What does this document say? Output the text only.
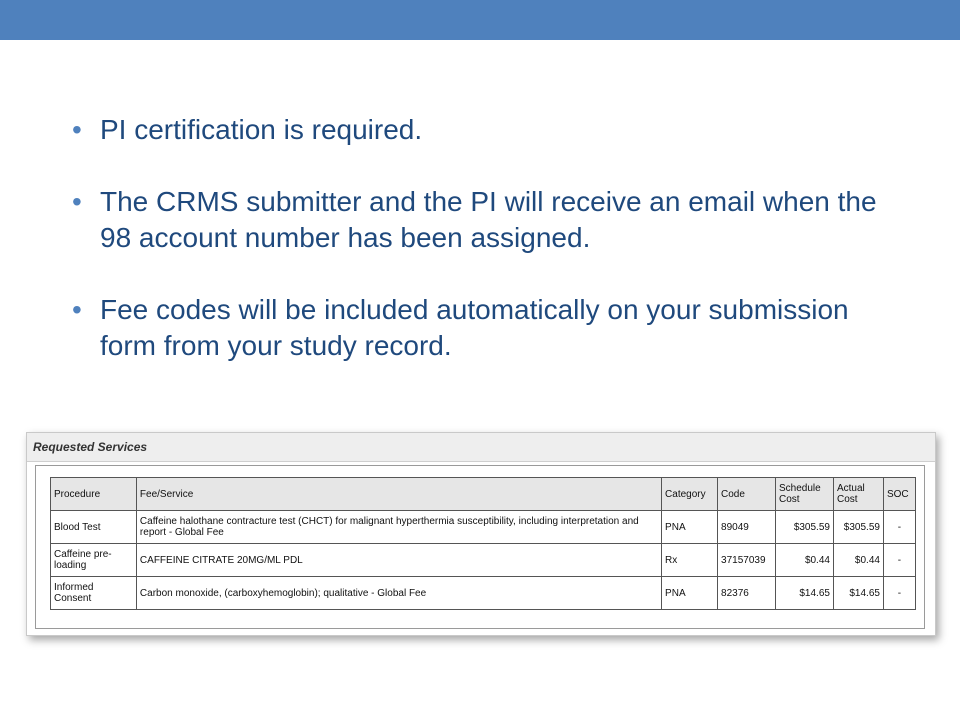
• PI certification is required.
• The CRMS submitter and the PI will receive an email when the 98 account number has been assigned.
• Fee codes will be included automatically on your submission form from your study record.
Requested Services
Procedure	Fee/Service	Category	Code	Schedule Cost	Actual Cost	SOC
Blood Test	Caffeine halothane contracture test (CHCT) for malignant hyperthermia susceptibility, including interpretation and report - Global Fee	PNA	89049	$305.59	$305.59	-
Caffeine pre-loading	CAFFEINE CITRATE 20MG/ML PDL	Rx	37157039	$0.44	$0.44	-
Informed Consent	Carbon monoxide, (carboxyhemoglobin); qualitative - Global Fee	PNA	82376	$14.65	$14.65	-
